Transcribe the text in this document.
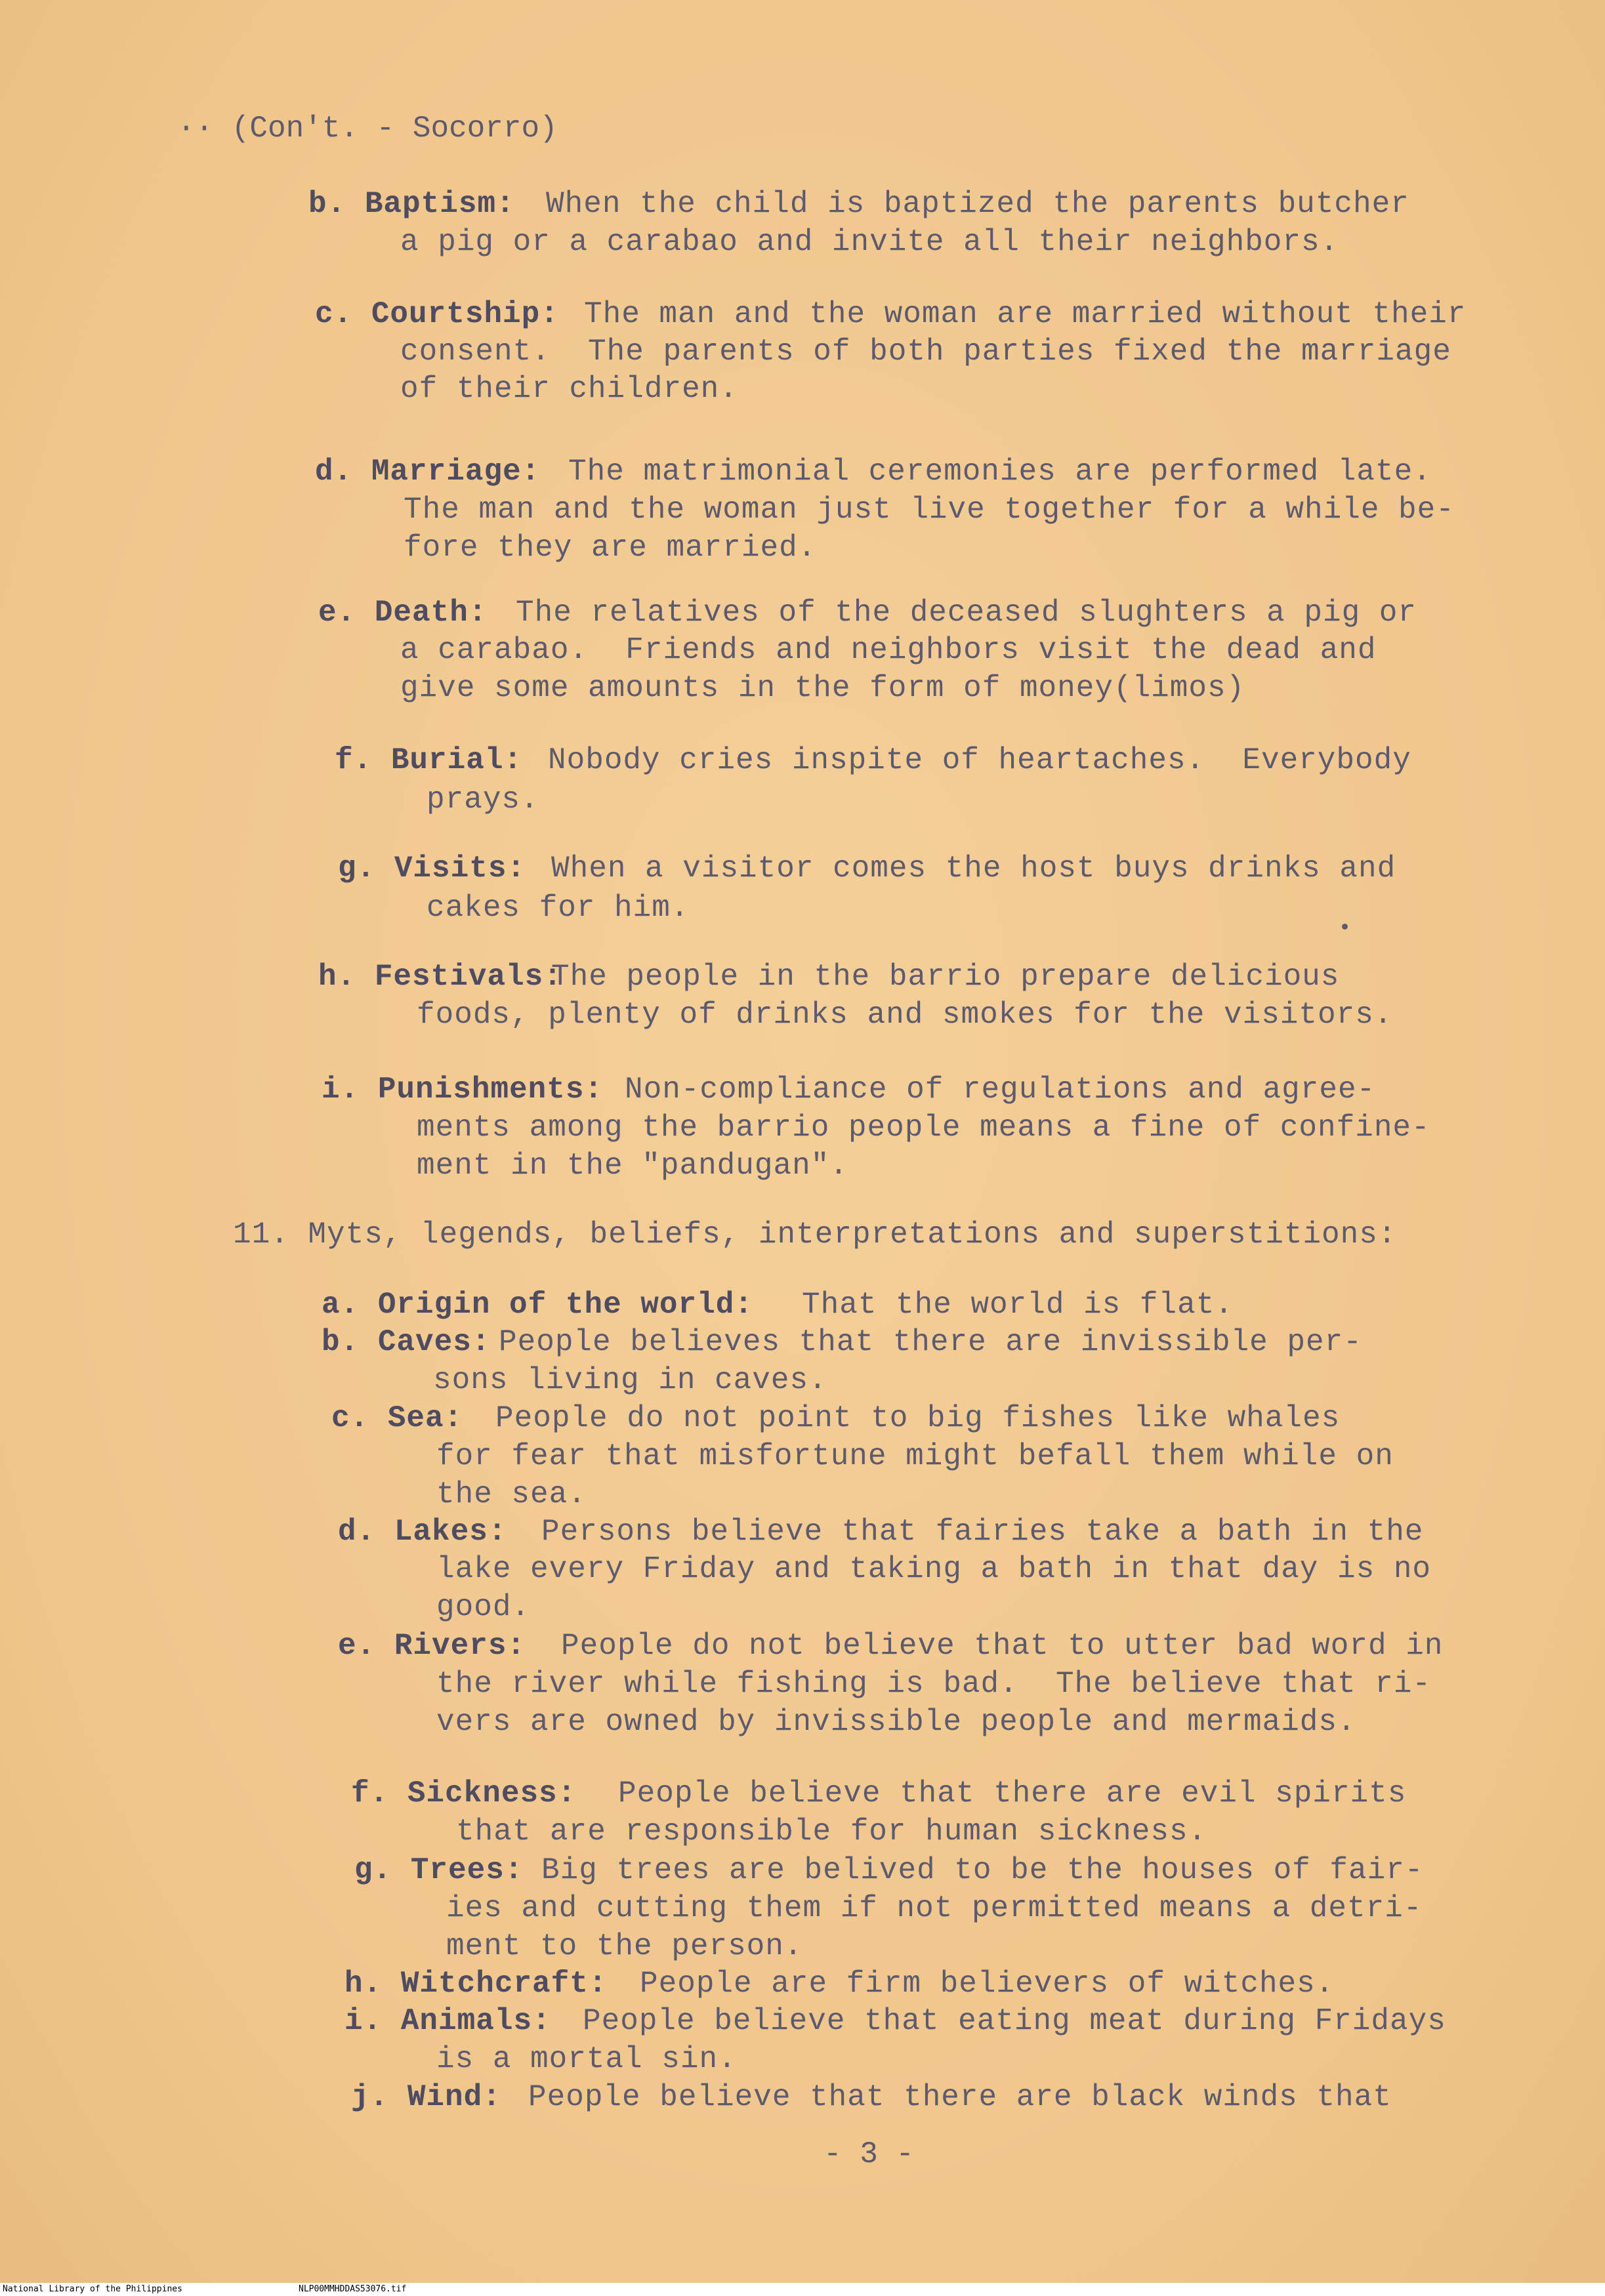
·· (Con't. - Socorro)
b. Baptism: When the child is baptized the parents butcher
a pig or a carabao and invite all their neighbors.
c. Courtship: The man and the woman are married without their
consent.  The parents of both parties fixed the marriage
of their children.
d. Marriage: The matrimonial ceremonies are performed late.
The man and the woman just live together for a while be-
fore they are married.
e. Death: The relatives of the deceased slughters a pig or
a carabao.  Friends and neighbors visit the dead and
give some amounts in the form of money(limos)
f. Burial: Nobody cries inspite of heartaches.  Everybody
prays.
g. Visits: When a visitor comes the host buys drinks and
cakes for him.
h. Festivals:
The people in the barrio prepare delicious
foods, plenty of drinks and smokes for the visitors.
i. Punishments: Non-compliance of regulations and agree-
ments among the barrio people means a fine of confine-
ment in the "pandugan".
11. Myts, legends, beliefs, interpretations and superstitions:
a. Origin of the world: That the world is flat.
b. Caves: People believes that there are invissible per-
sons living in caves.
c. Sea: People do not point to big fishes like whales
for fear that misfortune might befall them while on
the sea.
d. Lakes: Persons believe that fairies take a bath in the
lake every Friday and taking a bath in that day is no
good.
e. Rivers: People do not believe that to utter bad word in
the river while fishing is bad.  The believe that ri-
vers are owned by invissible people and mermaids.
f. Sickness: People believe that there are evil spirits
that are responsible for human sickness.
g. Trees: Big trees are belived to be the houses of fair-
ies and cutting them if not permitted means a detri-
ment to the person.
h. Witchcraft: People are firm believers of witches.
i. Animals: People believe that eating meat during Fridays
is a mortal sin.
j. Wind: People believe that there are black winds that
- 3 -
National Library of the Philippines	NLP00MMHDDAS53076.tif
